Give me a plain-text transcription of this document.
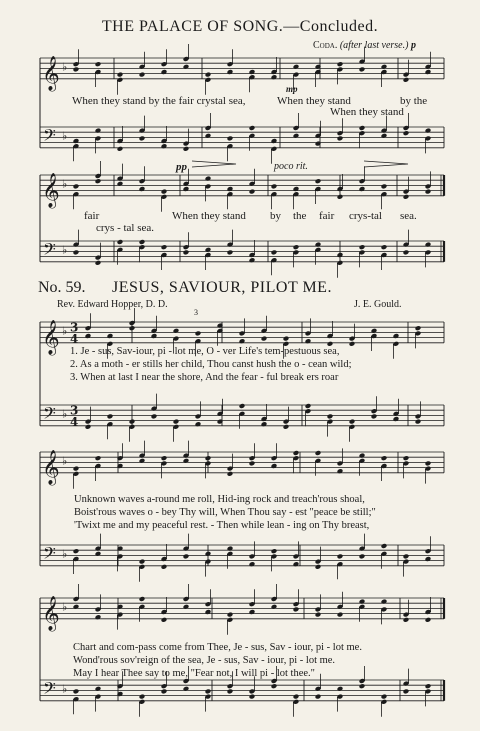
THE PALACE OF SONG.—Concluded.
Coda. (after last verse.) p
𝄞
𝄢
♭
♭
𝄞
𝄢
♭
♭
𝄞
𝄢
♭
♭
3
4
3
4
𝄞
𝄢
♭
♭
𝄞
𝄢
♭
♭
mp
When they stand by the fair crystal sea,	When they stand	by the
When they stand
pp	poco rit.
fair	When they stand by the fair crys-tal sea.
crys - tal sea.
No. 59. JESUS, SAVIOUR, PILOT ME.
Rev. Edward Hopper, D. D.	J. E. Gould.
3
1. Je - sus, Sav-iour, pi - lot me, O - ver Life's tem-pestuous sea,
2. As a moth - er stills her child, Thou canst hush the o - cean wild;
3. When at last I near the shore, And the fear - ful break ers roar
Unknown waves a-round me roll, Hid-ing rock and treach'rous shoal,
Boist'rous waves o - bey Thy will, When Thou say - est "peace be still;"
'Twixt me and my peaceful rest. - Then while lean - ing on Thy breast,
Chart and com-pass come from Thee, Je - sus, Sav - iour, pi - lot me.
Wond'rous sov'reign of the sea, Je - sus, Sav - iour, pi - lot me.
May I hear Thee say to me, "Fear not, I will pi - lot thee."
